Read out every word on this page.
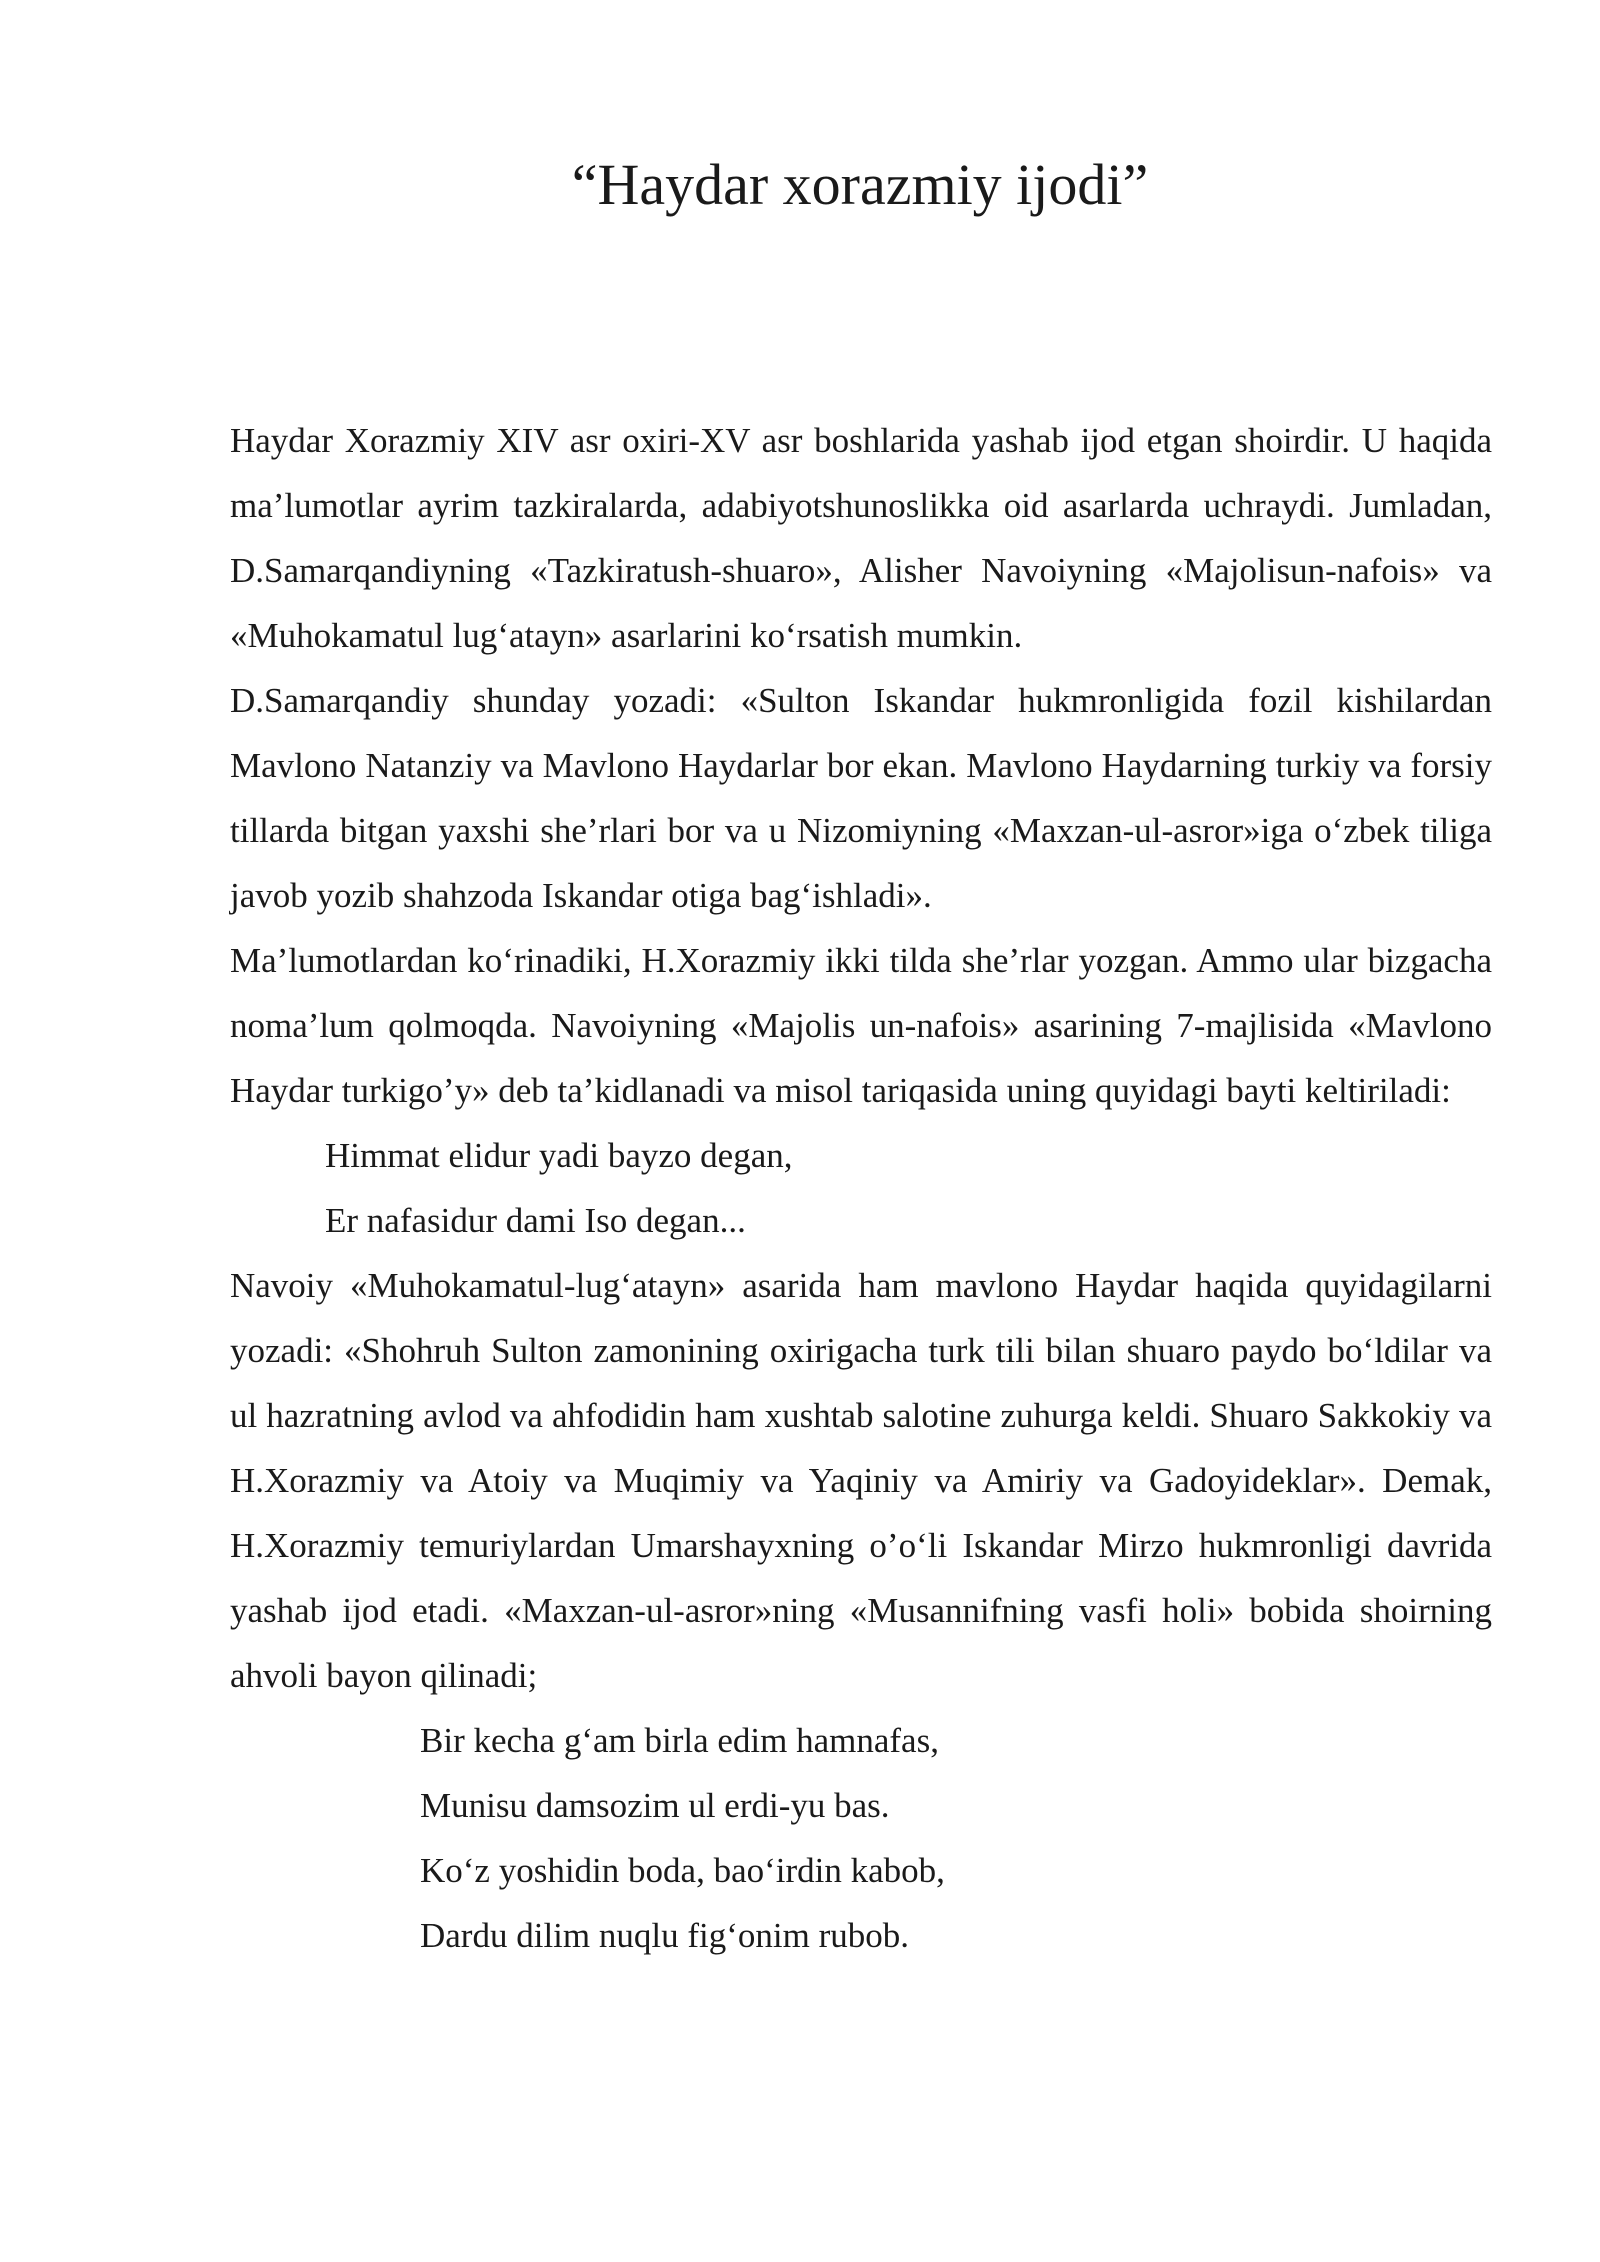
“Haydar xorazmiy ijodi”

Haydar Xorazmiy XIV asr oxiri-XV asr boshlarida yashab ijod etgan shoirdir. U haqida ma’lumotlar ayrim tazkiralarda, adabiyotshunoslikka oid asarlarda uchraydi. Jumladan, D.Samarqandiyning «Tazkiratush-shuaro», Alisher Navoiyning «Majolisun-nafois» va «Muhokamatul lug‘atayn» asarlarini ko‘rsatish mumkin.

D.Samarqandiy shunday yozadi: «Sulton Iskandar hukmronligida fozil kishilardan Mavlono Natanziy va Mavlono Haydarlar bor ekan. Mavlono Haydarning turkiy va forsiy tillarda bitgan yaxshi she’rlari bor va u Nizomiyning «Maxzan-ul-asror»iga o‘zbek tiliga javob yozib shahzoda Iskandar otiga bag‘ishladi».

Ma’lumotlardan ko‘rinadiki, H.Xorazmiy ikki tilda she’rlar yozgan. Ammo ular bizgacha noma’lum qolmoqda. Navoiyning «Majolis un-nafois» asarining 7-majlisida «Mavlono Haydar turkigo’y» deb ta’kidlanadi va misol tariqasida uning quyidagi bayti keltiriladi:

Himmat elidur yadi bayzo degan,

Er nafasidur dami Iso degan...

Navoiy «Muhokamatul-lug‘atayn» asarida ham mavlono Haydar haqida quyidagilarni yozadi: «Shohruh Sulton zamonining oxirigacha turk tili bilan shuaro paydo bo‘ldilar va ul hazratning avlod va ahfodidin ham xushtab salotine zuhurga keldi. Shuaro Sakkokiy va H.Xorazmiy va Atoiy va Muqimiy va Yaqiniy va Amiriy va Gadoyideklar». Demak, H.Xorazmiy temuriylardan Umarshayxning o’o‘li Iskandar Mirzo hukmronligi davrida yashab ijod etadi. «Maxzan-ul-asror»ning «Musannifning vasfi holi» bobida shoirning ahvoli bayon qilinadi;

Bir kecha g‘am birla edim hamnafas,

Munisu damsozim ul erdi-yu bas.

Ko‘z yoshidin boda, bao‘irdin kabob,

Dardu dilim nuqlu fig‘onim rubob.
